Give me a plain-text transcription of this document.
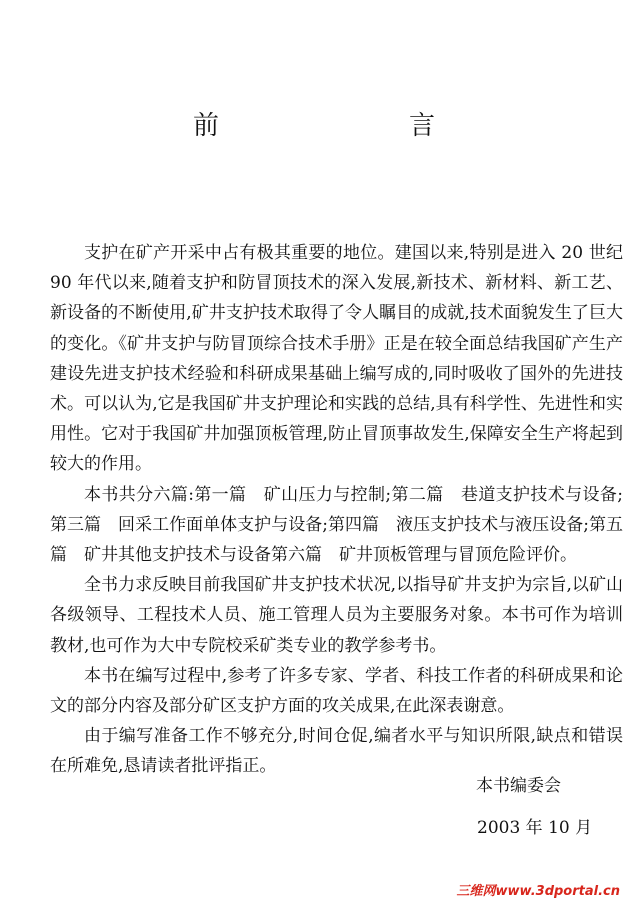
前　　言

支护在矿产开采中占有极其重要的地位。建国以来,特别是进入 20 世纪 90 年代以来,随着支护和防冒顶技术的深入发展,新技术、新材料、新工艺、新设备的不断使用,矿井支护技术取得了令人瞩目的成就,技术面貌发生了巨大的变化。《矿井支护与防冒顶综合技术手册》正是在较全面总结我国矿产生产建设先进支护技术经验和科研成果基础上编写成的,同时吸收了国外的先进技术。可以认为,它是我国矿井支护理论和实践的总结,具有科学性、先进性和实用性。它对于我国矿井加强顶板管理,防止冒顶事故发生,保障安全生产将起到较大的作用。

本书共分六篇:第一篇　矿山压力与控制;第二篇　巷道支护技术与设备;第三篇　回采工作面单体支护与设备;第四篇　液压支护技术与液压设备;第五篇　矿井其他支护技术与设备第六篇　矿井顶板管理与冒顶危险评价。

全书力求反映目前我国矿井支护技术状况,以指导矿井支护为宗旨,以矿山各级领导、工程技术人员、施工管理人员为主要服务对象。本书可作为培训教材,也可作为大中专院校采矿类专业的教学参考书。

本书在编写过程中,参考了许多专家、学者、科技工作者的科研成果和论文的部分内容及部分矿区支护方面的攻关成果,在此深表谢意。

由于编写准备工作不够充分,时间仓促,编者水平与知识所限,缺点和错误在所难免,恳请读者批评指正。

本书编委会
2003 年 10 月
三维网www.3dportal.cn
